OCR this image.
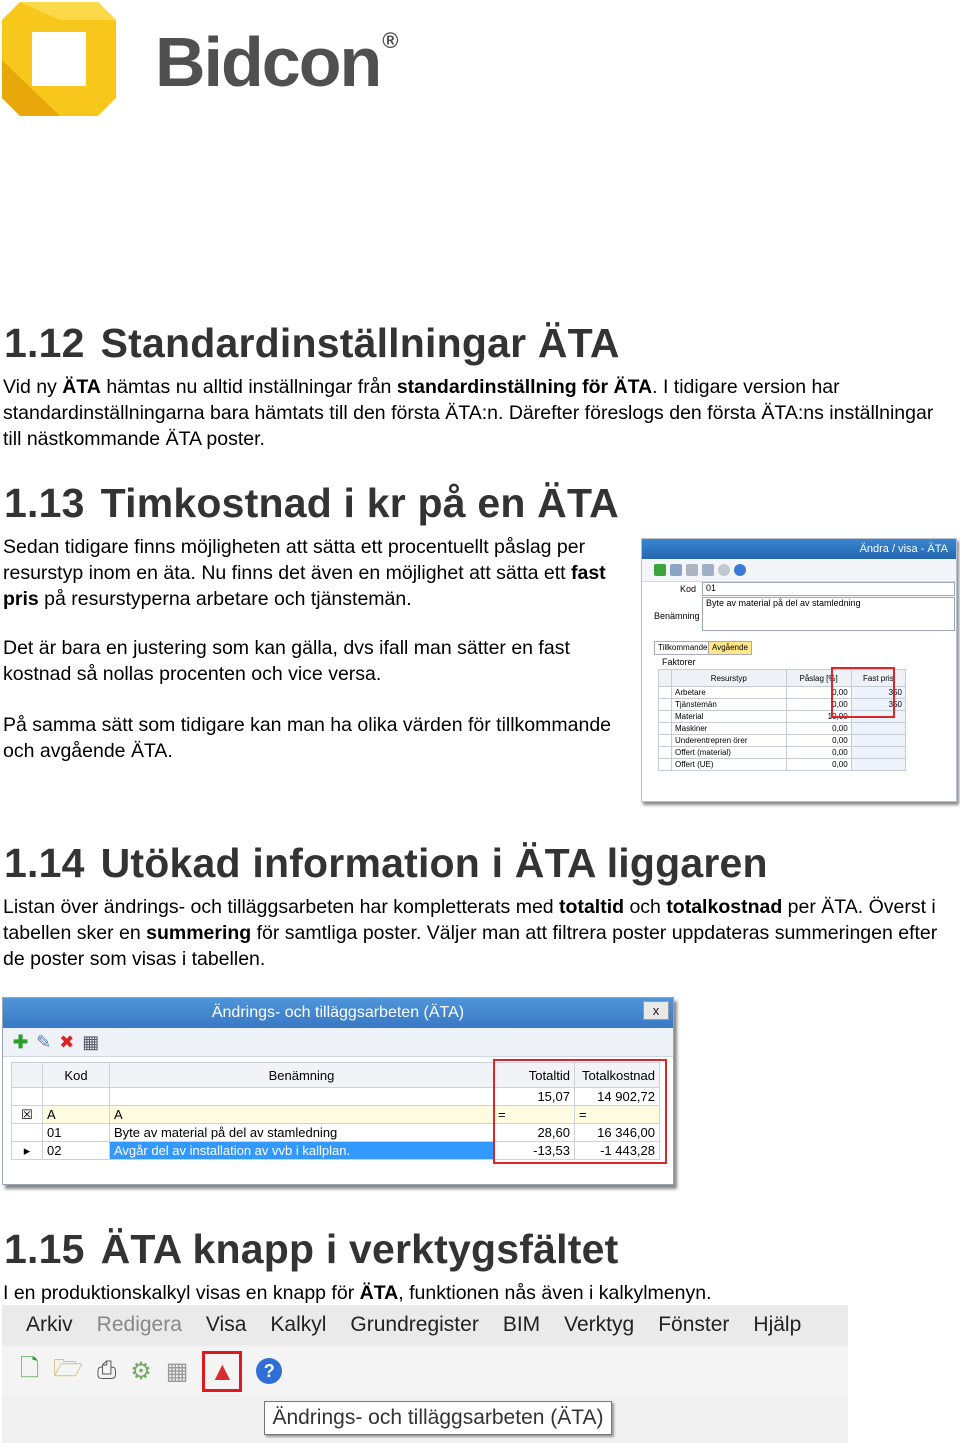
Bidcon®
1.12 Standardinställningar ÄTA

Vid ny ÄTA hämtas nu alltid inställningar från standardinställning för ÄTA. I tidigare version har standardinställningarna bara hämtats till den första ÄTA:n. Därefter föreslogs den första ÄTA:ns inställningar till nästkommande ÄTA poster.

1.13 Timkostnad i kr på en ÄTA

Sedan tidigare finns möjligheten att sätta ett procentuellt påslag per resurstyp inom en äta. Nu finns det även en möjlighet att sätta ett fast pris på resurstyperna arbetare och tjänstemän.

Det är bara en justering som kan gälla, dvs ifall man sätter en fast kostnad så nollas procenten och vice versa.

På samma sätt som tidigare kan man ha olika värden för tillkommande och avgående ÄTA.

Ändra / visa - ÄTA
Kod	01
Byte av material på del av stamledning
Benämning
Tillkommande Avgående
Faktorer
	Resurstyp	Påslag [%]	Fast pris
	Arbetare	0,00	350
	Tjänstemän	0,00	350
	Material	10,00	
	Maskiner	0,00	
	Underentrepren örer	0,00	
	Offert (material)	0,00	
	Offert (UE)	0,00	
1.14 Utökad information i ÄTA liggaren

Listan över ändrings- och tilläggsarbeten har kompletterats med totaltid och totalkostnad per ÄTA. Överst i tabellen sker en summering för samtliga poster. Väljer man att filtrera poster uppdateras summeringen efter de poster som visas i tabellen.

Ändrings- och tilläggsarbeten (ÄTA)	x
✚ ✎ ✖ ▦
	Kod	Benämning	Totaltid	Totalkostnad
			15,07	14 902,72
☒	A	A	=	=
	01	Byte av material på del av stamledning	28,60	16 346,00
▸	02	Avgår del av installation av vvb i kallplan.	-13,53	-1 443,28
1.15 ÄTA knapp i verktygsfältet

I en produktionskalkyl visas en knapp för ÄTA, funktionen nås även i kalkylmenyn.

Arkiv Redigera Visa Kalkyl Grundregister BIM Verktyg Fönster Hjälp
🗋 🗁 ⎙ ⚙ ▦ ▲	?
Ändrings- och tilläggsarbeten (ÄTA)
